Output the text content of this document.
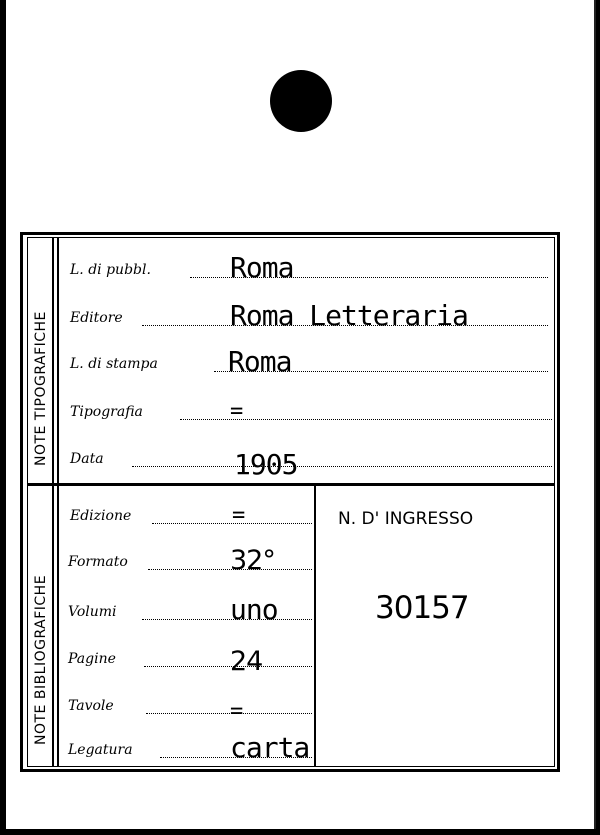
NOTE TIPOGRAFICHE
NOTE BIBLIOGRAFICHE
L. di pubbl.	Roma
Editore	Roma Letteraria
L. di stampa	Roma
Tipografia	=
Data	1905
Edizione	=
Formato	32°
Volumi	uno
Pagine	24
Tavole	=
Legatura	carta
N. D' INGRESSO
30157
